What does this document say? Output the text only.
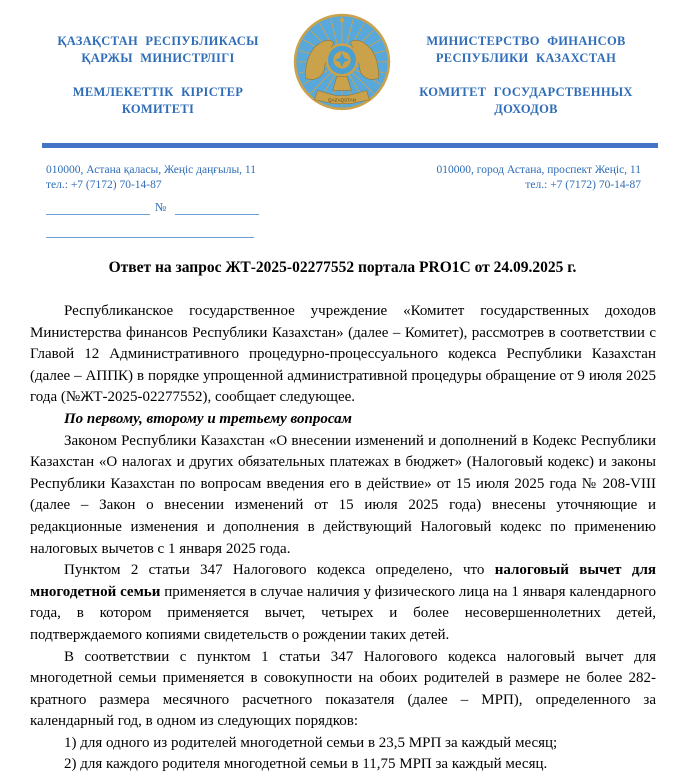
ҚАЗАҚСТАН РЕСПУБЛИКАСЫ
ҚАРЖЫ МИНИСТРЛІГІ
МЕМЛЕКЕТТІК КІРІСТЕР
КОМИТЕТІ
QAZAQSTAN
МИНИСТЕРСТВО ФИНАНСОВ
РЕСПУБЛИКИ КАЗАХСТАН
КОМИТЕТ ГОСУДАРСТВЕННЫХ
ДОХОДОВ
010000, Астана қаласы, Жеңіс даңғылы, 11
тел.: +7 (7172) 70-14-87
№
010000, город Астана, проспект Жеңіс, 11
тел.: +7 (7172) 70-14-87
Ответ на запрос ЖТ-2025-02277552 портала PRO1C от 24.09.2025 г.

Республиканское государственное учреждение «Комитет государственных доходов Министерства финансов Республики Казахстан» (далее – Комитет), рассмотрев в соответствии с Главой 12 Административного процедурно-процессуального кодекса Республики Казахстан (далее – АППК) в порядке упрощенной административной процедуры обращение от 9 июля 2025 года (№ЖТ-2025-02277552), сообщает следующее.

По первому, второму и третьему вопросам

Законом Республики Казахстан «О внесении изменений и дополнений в Кодекс Республики Казахстан «О налогах и других обязательных платежах в бюджет» (Налоговый кодекс) и законы Республики Казахстан по вопросам введения его в действие» от 15 июля 2025 года № 208-VIII (далее – Закон о внесении изменений от 15 июля 2025 года) внесены уточняющие и редакционные изменения и дополнения в действующий Налоговый кодекс по применению налоговых вычетов с 1 января 2025 года.

Пунктом 2 статьи 347 Налогового кодекса определено, что налоговый вычет для многодетной семьи применяется в случае наличия у физического лица на 1 января календарного года, в котором применяется вычет, четырех и более несовершеннолетних детей, подтверждаемого копиями свидетельств о рождении таких детей.

В соответствии с пунктом 1 статьи 347 Налогового кодекса налоговый вычет для многодетной семьи применяется в совокупности на обоих родителей в размере не более 282-кратного размера месячного расчетного показателя (далее – МРП), определенного за календарный год, в одном из следующих порядков:

1) для одного из родителей многодетной семьи в 23,5 МРП за каждый месяц;

2) для каждого родителя многодетной семьи в 11,75 МРП за каждый месяц.
